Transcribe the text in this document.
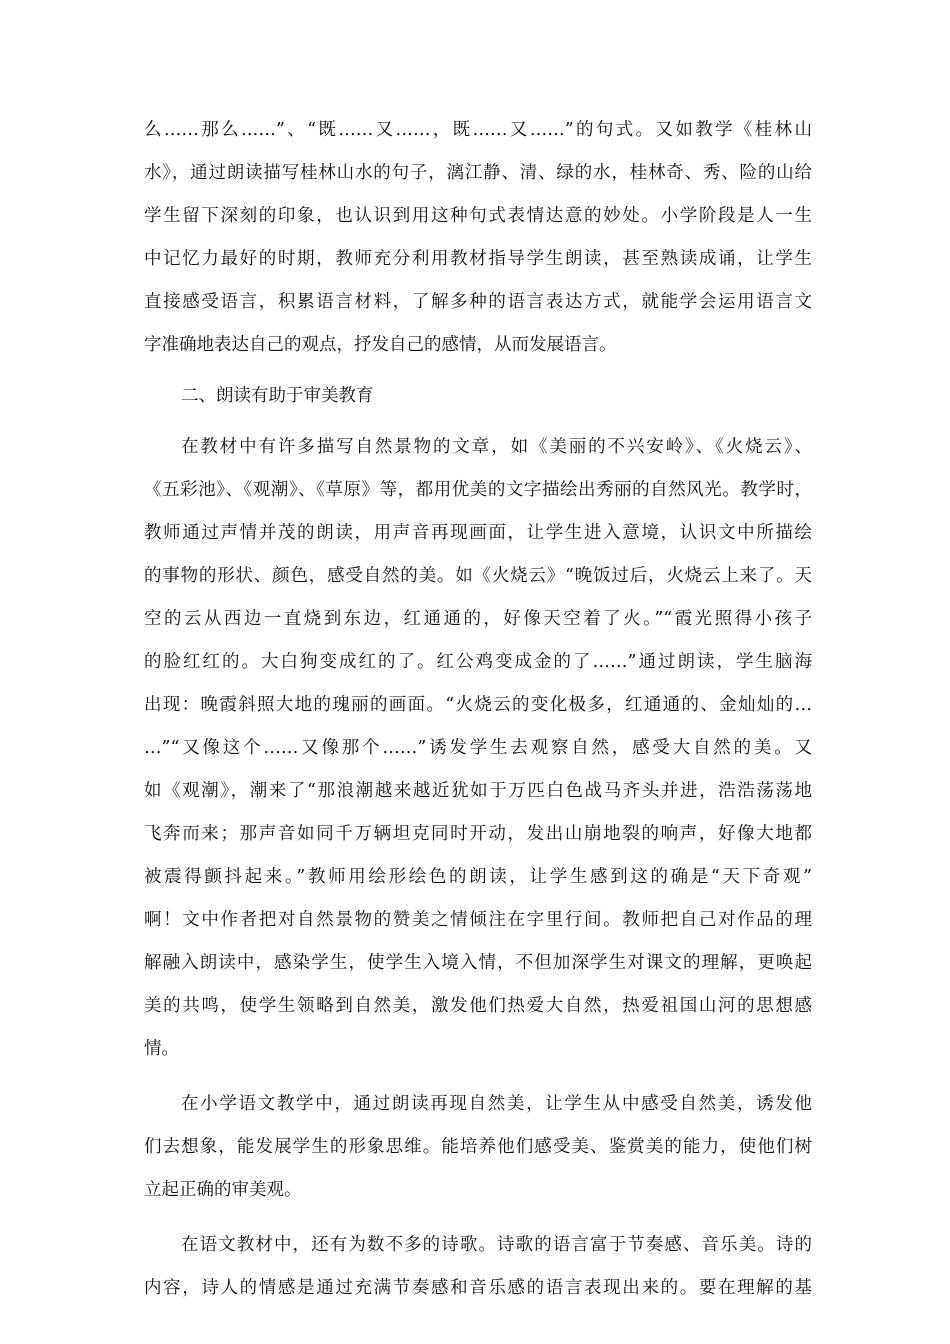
么……那么……”、“既……又……，既……又……”的句式。又如教学《桂林山
水》，通过朗读描写桂林山水的句子，漓江静、清、绿的水，桂林奇、秀、险的山给
学生留下深刻的印象，也认识到用这种句式表情达意的妙处。小学阶段是人一生
中记忆力最好的时期，教师充分利用教材指导学生朗读，甚至熟读成诵，让学生
直接感受语言，积累语言材料，了解多种的语言表达方式，就能学会运用语言文
字准确地表达自己的观点，抒发自己的感情，从而发展语言。
二、朗读有助于审美教育
在教材中有许多描写自然景物的文章，如《美丽的不兴安岭》、《火烧云》、
《五彩池》、《观潮》、《草原》等，都用优美的文字描绘出秀丽的自然风光。教学时，
教师通过声情并茂的朗读，用声音再现画面，让学生进入意境，认识文中所描绘
的事物的形状、颜色，感受自然的美。如《火烧云》“晚饭过后，火烧云上来了。天
空的云从西边一直烧到东边，红通通的，好像天空着了火。”“霞光照得小孩子
的脸红红的。大白狗变成红的了。红公鸡变成金的了……”通过朗读，学生脑海
出现：晚霞斜照大地的瑰丽的画面。“火烧云的变化极多，红通通的、金灿灿的…
…”“又像这个……又像那个……”诱发学生去观察自然，感受大自然的美。又
如《观潮》，潮来了“那浪潮越来越近犹如于万匹白色战马齐头并进，浩浩荡荡地
飞奔而来；那声音如同千万辆坦克同时开动，发出山崩地裂的响声，好像大地都
被震得颤抖起来。”教师用绘形绘色的朗读，让学生感到这的确是“天下奇观”
啊！文中作者把对自然景物的赞美之情倾注在字里行间。教师把自己对作品的理
解融入朗读中，感染学生，使学生入境入情，不但加深学生对课文的理解，更唤起
美的共鸣，使学生领略到自然美，激发他们热爱大自然，热爱祖国山河的思想感
情。
在小学语文教学中，通过朗读再现自然美，让学生从中感受自然美，诱发他
们去想象，能发展学生的形象思维。能培养他们感受美、鉴赏美的能力，使他们树
立起正确的审美观。
在语文教材中，还有为数不多的诗歌。诗歌的语言富于节奏感、音乐美。诗的
内容，诗人的情感是通过充满节奏感和音乐感的语言表现出来的。要在理解的基
